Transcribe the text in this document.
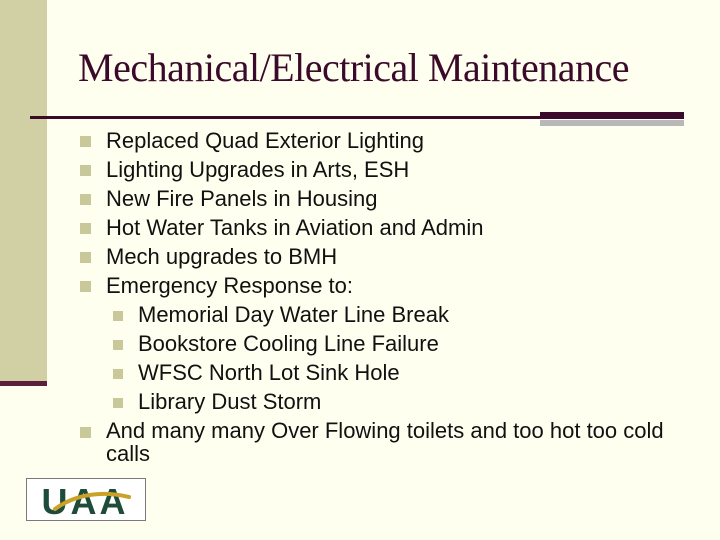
Mechanical/Electrical Maintenance
Replaced Quad Exterior Lighting
Lighting Upgrades in Arts, ESH
New Fire Panels in Housing
Hot Water Tanks in Aviation and Admin
Mech upgrades to BMH
Emergency Response to:
Memorial Day Water Line Break
Bookstore Cooling Line Failure
WFSC North Lot Sink Hole
Library Dust Storm
And many many Over Flowing toilets and too hot too cold calls
UAA
